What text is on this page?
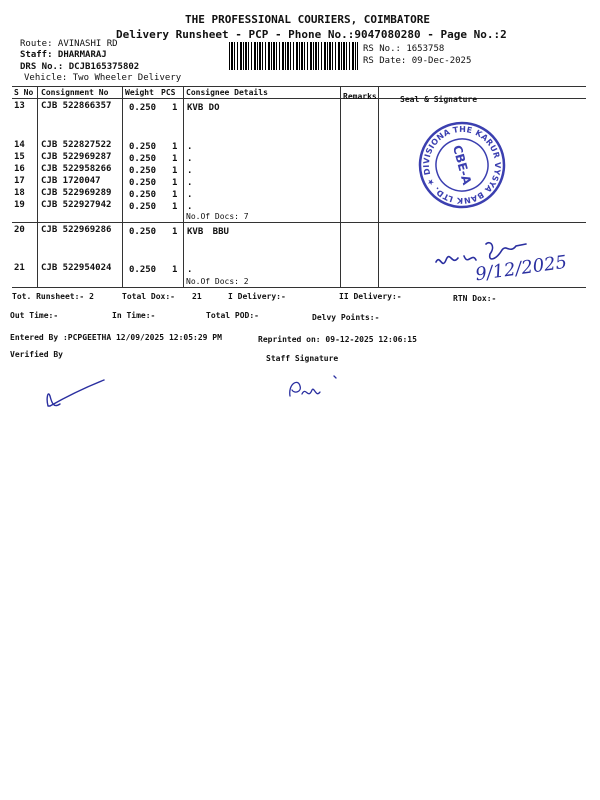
THE PROFESSIONAL COURIERS, COIMBATORE
Delivery Runsheet - PCP - Phone No.:9047080280 - Page No.:2
Route: AVINASHI RD
Staff: DHARMARAJ
DRS No.: DCJB165375802
Vehicle: Two Wheeler Delivery
RS No.: 1653758
RS Date: 09-Dec-2025
S No Consignment No Weight PCS Consignee Details	Remarks	Seal & Signature
13 CJB 522866357 0.250 1 KVB DO
14 CJB 522827522 0.250 1 .
15 CJB 522969287 0.250 1 .
16 CJB 522958266 0.250 1 .
17 CJB 1720047	0.250 1 .
18 CJB 522969289 0.250 1 .
19 CJB 522927942 0.250 1 .
No.Of Docs: 7
20 CJB 522969286 0.250 1 KVB BBU
21 CJB 522954024 0.250 1 .
No.Of Docs: 2
THE KARUR VYSYA BANK LTD. ★ DIVISIONAL
CBE-A
9/12/2025
Tot. Runsheet:- 2	Total Dox:- 21	I Delivery:-	II Delivery:-	RTN Dox:-
Out Time:-	In Time:-	Total POD:-	Delvy Points:-
Entered By :PCPGEETHA 12/09/2025 12:05:29 PM	Reprinted on: 09-12-2025 12:06:15
Verified By	Staff Signature
